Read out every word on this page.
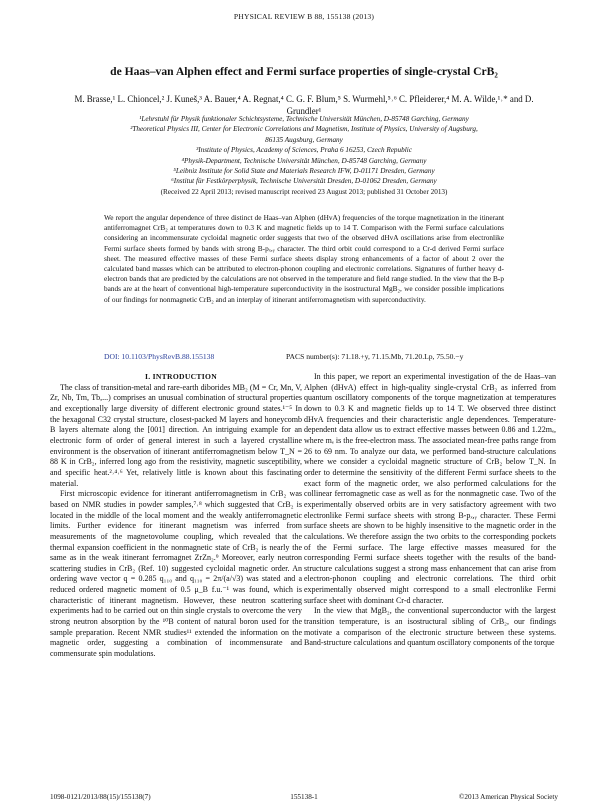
PHYSICAL REVIEW B 88, 155138 (2013)
de Haas–van Alphen effect and Fermi surface properties of single-crystal CrB₂
M. Brasse,¹ L. Chioncel,² J. Kuneš,³ A. Bauer,⁴ A. Regnat,⁴ C. G. F. Blum,⁵ S. Wurmehl,⁵˒⁶ C. Pfleiderer,⁴ M. A. Wilde,¹˒* and D. Grundler¹
¹Lehrstuhl für Physik funktionaler Schichtsysteme, Technische Universität München, D-85748 Garching, Germany
²Theoretical Physics III, Center for Electronic Correlations and Magnetism, Institute of Physics, University of Augsburg,
86135 Augsburg, Germany
³Institute of Physics, Academy of Sciences, Praha 6 16253, Czech Republic
⁴Physik-Department, Technische Universität München, D-85748 Garching, Germany
⁵Leibniz Institute for Solid State and Materials Research IFW, D-01171 Dresden, Germany
⁶Institut für Festkörperphysik, Technische Universität Dresden, D-01062 Dresden, Germany
(Received 22 April 2013; revised manuscript received 23 August 2013; published 31 October 2013)

We report the angular dependence of three distinct de Haas–van Alphen (dHvA) frequencies of the torque magnetization in the itinerant antiferromagnet CrB₂ at temperatures down to 0.3 K and magnetic fields up to 14 T. Comparison with the Fermi surface calculations considering an incommensurate cycloidal magnetic order suggests that two of the observed dHvA oscillations arise from electronlike Fermi surface sheets formed by bands with strong B-pₓ,ᵧ character. The third orbit could correspond to a Cr-d derived Fermi surface sheet. The measured effective masses of these Fermi surface sheets display strong enhancements of a factor of about 2 over the calculated band masses which can be attributed to electron-phonon coupling and electronic correlations. Signatures of further heavy d-electron bands that are predicted by the calculations are not observed in the temperature and field range studied. In the view that the B-p bands are at the heart of conventional high-temperature superconductivity in the isostructural MgB₂, we consider possible implications of our findings for nonmagnetic CrB₂ and an interplay of itinerant antiferromagnetism with superconductivity.

DOI: 10.1103/PhysRevB.88.155138	PACS number(s): 71.18.+y, 71.15.Mb, 71.20.Lp, 75.50.−y

I. INTRODUCTION

The class of transition-metal and rare-earth diborides MB₂ (M = Cr, Mn, V, Zr, Nb, Tm, Tb,...) comprises an unusual combination of structural properties and exceptionally large diversity of different electronic ground states.¹⁻⁵ In the hexagonal C32 crystal structure, closest-packed M layers and honeycomb B layers alternate along the [001] direction. An intriguing example for an electronic form of order of general interest in such a layered crystalline environment is the observation of itinerant antiferromagnetism below T_N = 88 K in CrB₂, inferred long ago from the resistivity, magnetic susceptibility, and specific heat.²˒⁴˒⁶ Yet, relatively little is known about this fascinating material.

First microscopic evidence for itinerant antiferromagnetism in CrB₂ was based on NMR studies in powder samples,⁷˒⁸ which suggested that CrB₂ is located in the middle of the local moment and the weakly antiferromagnetic limits. Further evidence for itinerant magnetism was inferred from measurements of the magnetovolume coupling, which revealed that the thermal expansion coefficient in the nonmagnetic state of CrB₂ is nearly the same as in the weak itinerant ferromagnet ZrZn₂.⁹ Moreover, early neutron scattering studies in CrB₂ (Ref. 10) suggested cycloidal magnetic order. An ordering wave vector q = 0.285 q₁₁₀ and q₁₁₀ = 2π/(a/√3) was stated and a reduced ordered magnetic moment of 0.5 μ_B f.u.⁻¹ was found, which is characteristic of itinerant magnetism. However, these neutron scattering experiments had to be carried out on thin single crystals to overcome the very strong neutron absorption by the ¹⁰B content of natural boron used for the sample preparation. Recent NMR studies¹¹ extended the information on the magnetic order, suggesting a combination of incommensurate and commensurate spin modulations.

In this paper, we report an experimental investigation of the de Haas–van Alphen (dHvA) effect in high-quality single-crystal CrB₂ as inferred from quantum oscillatory components of the torque magnetization at temperatures down to 0.3 K and magnetic fields up to 14 T. We observed three distinct dHvA frequencies and their characteristic angle dependences. Temperature-dependent data allow us to extract effective masses between 0.86 and 1.22mₑ, where mₑ is the free-electron mass. The associated mean-free paths range from 26 to 69 nm. To analyze our data, we performed band-structure calculations where we consider a cycloidal magnetic structure of CrB₂ below T_N. In order to determine the sensitivity of the different Fermi surface sheets to the exact form of the magnetic order, we also performed calculations for the collinear ferromagnetic case as well as for the nonmagnetic case. Two of the experimentally observed orbits are in very satisfactory agreement with two electronlike Fermi surface sheets with strong B-pₓ,ᵧ character. These Fermi surface sheets are shown to be highly insensitive to the magnetic order in the calculations. We therefore assign the two orbits to the corresponding pockets of the Fermi surface. The large effective masses measured for the corresponding Fermi surface sheets together with the results of the band-structure calculations suggest a strong mass enhancement that can arise from electron-phonon coupling and electronic correlations. The third orbit experimentally observed might correspond to a small electronlike Fermi surface sheet with dominant Cr-d character.

In the view that MgB₂, the conventional superconductor with the largest transition temperature, is an isostructural sibling of CrB₂, our findings motivate a comparison of the electronic structure between these systems. Band-structure calculations and quantum oscillatory components of the torque

1098-0121/2013/88(15)/155138(7)	155138-1	©2013 American Physical Society
